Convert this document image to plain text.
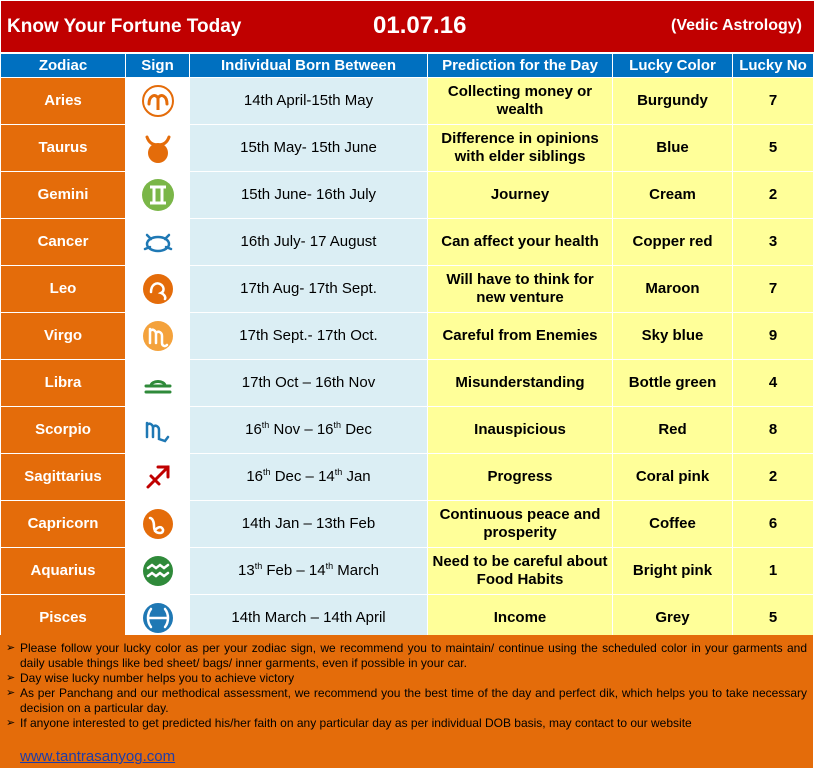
Know Your Fortune Today	01.07.16	(Vedic Astrology)
Zodiac	Sign	Individual Born Between	Prediction for the Day	Lucky Color	Lucky No
Aries		14th April-15th May	Collecting money or wealth	Burgundy	7
Taurus		15th May- 15th June	Difference in opinions with elder siblings	Blue	5
Gemini		15th June- 16th July	Journey	Cream	2
Cancer		16th July- 17 August	Can affect your health	Copper red	3
Leo		17th Aug- 17th Sept.	Will have to think for new venture	Maroon	7
Virgo		17th Sept.- 17th Oct.	Careful from Enemies	Sky blue	9
Libra		17th Oct – 16th Nov	Misunderstanding	Bottle green	4
Scorpio		16th Nov – 16th Dec	Inauspicious	Red	8
Sagittarius		16th Dec – 14th Jan	Progress	Coral pink	2
Capricorn		14th Jan – 13th Feb	Continuous peace and prosperity	Coffee	6
Aquarius		13th Feb – 14th March	Need to be careful about Food Habits	Bright pink	1
Pisces		14th March – 14th April	Income	Grey	5
➢ Please follow your lucky color as per your zodiac sign, we recommend you to maintain/ continue using the scheduled color in your garments and daily usable things like bed sheet/ bags/ inner garments, even if possible in your car.
➢ Day wise lucky number helps you to achieve victory
➢ As per Panchang and our methodical assessment, we recommend you the best time of the day and perfect dik, which helps you to take necessary decision on a particular day.
➢ If anyone interested to get predicted his/her faith on any particular day as per individual DOB basis, may contact to our website
www.tantrasanyog.com
